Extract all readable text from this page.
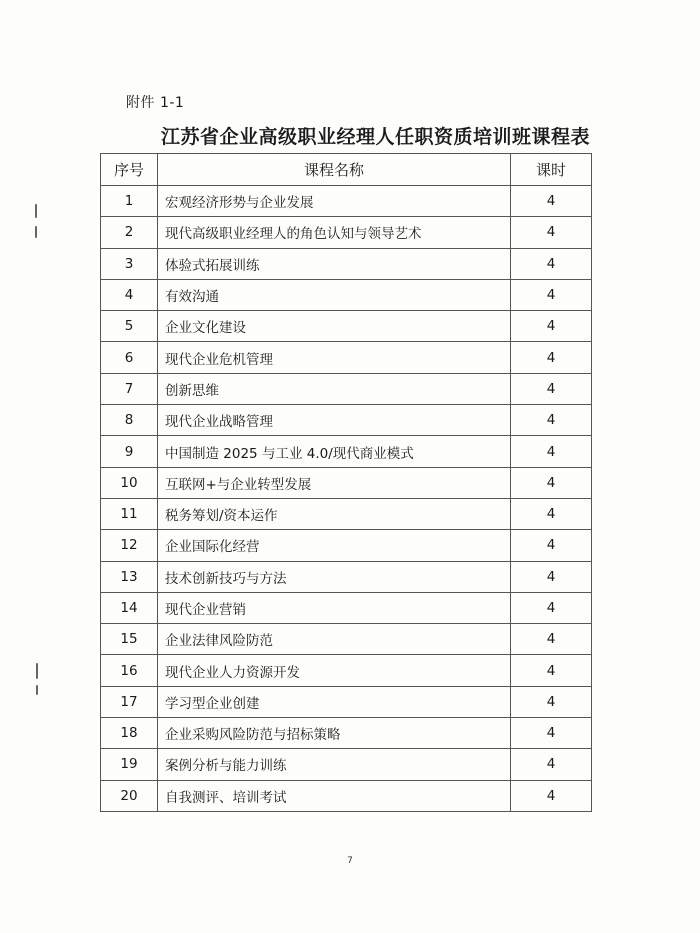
附件 1-1
江苏省企业高级职业经理人任职资质培训班课程表
序号	课程名称	课时
1	宏观经济形势与企业发展	4
2	现代高级职业经理人的角色认知与领导艺术	4
3	体验式拓展训练	4
4	有效沟通	4
5	企业文化建设	4
6	现代企业危机管理	4
7	创新思维	4
8	现代企业战略管理	4
9	中国制造 2025 与工业 4.0/现代商业模式	4
10	互联网+与企业转型发展	4
11	税务筹划/资本运作	4
12	企业国际化经营	4
13	技术创新技巧与方法	4
14	现代企业营销	4
15	企业法律风险防范	4
16	现代企业人力资源开发	4
17	学习型企业创建	4
18	企业采购风险防范与招标策略	4
19	案例分析与能力训练	4
20	自我测评、培训考试	4
7
